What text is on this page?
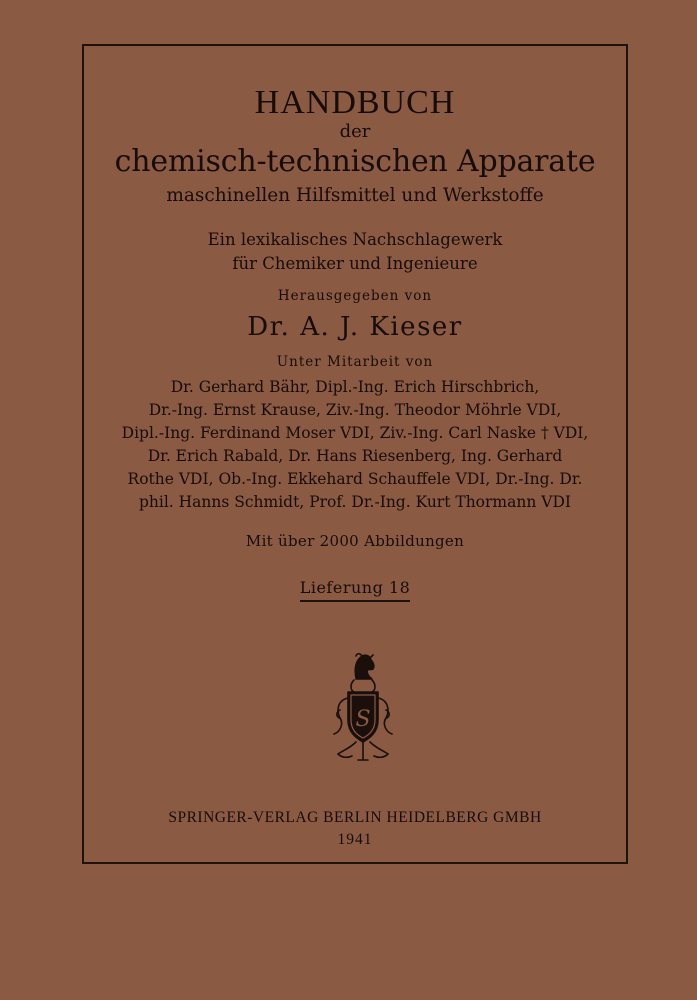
HANDBUCH
der
chemisch-technischen Apparate
maschinellen Hilfsmittel und Werkstoffe
Ein lexikalisches Nachschlagewerk
für Chemiker und Ingenieure
Herausgegeben von
Dr. A. J. Kieser
Unter Mitarbeit von
Dr. Gerhard Bähr, Dipl.-Ing. Erich Hirschbrich,
Dr.-Ing. Ernst Krause, Ziv.-Ing. Theodor Möhrle VDI,
Dipl.-Ing. Ferdinand Moser VDI, Ziv.-Ing. Carl Naske † VDI,
Dr. Erich Rabald, Dr. Hans Riesenberg, Ing. Gerhard
Rothe VDI, Ob.-Ing. Ekkehard Schauffele VDI, Dr.-Ing. Dr.
phil. Hanns Schmidt, Prof. Dr.-Ing. Kurt Thormann VDI
Mit über 2000 Abbildungen
Lieferung 18
S
SPRINGER-VERLAG BERLIN HEIDELBERG GMBH
1941
